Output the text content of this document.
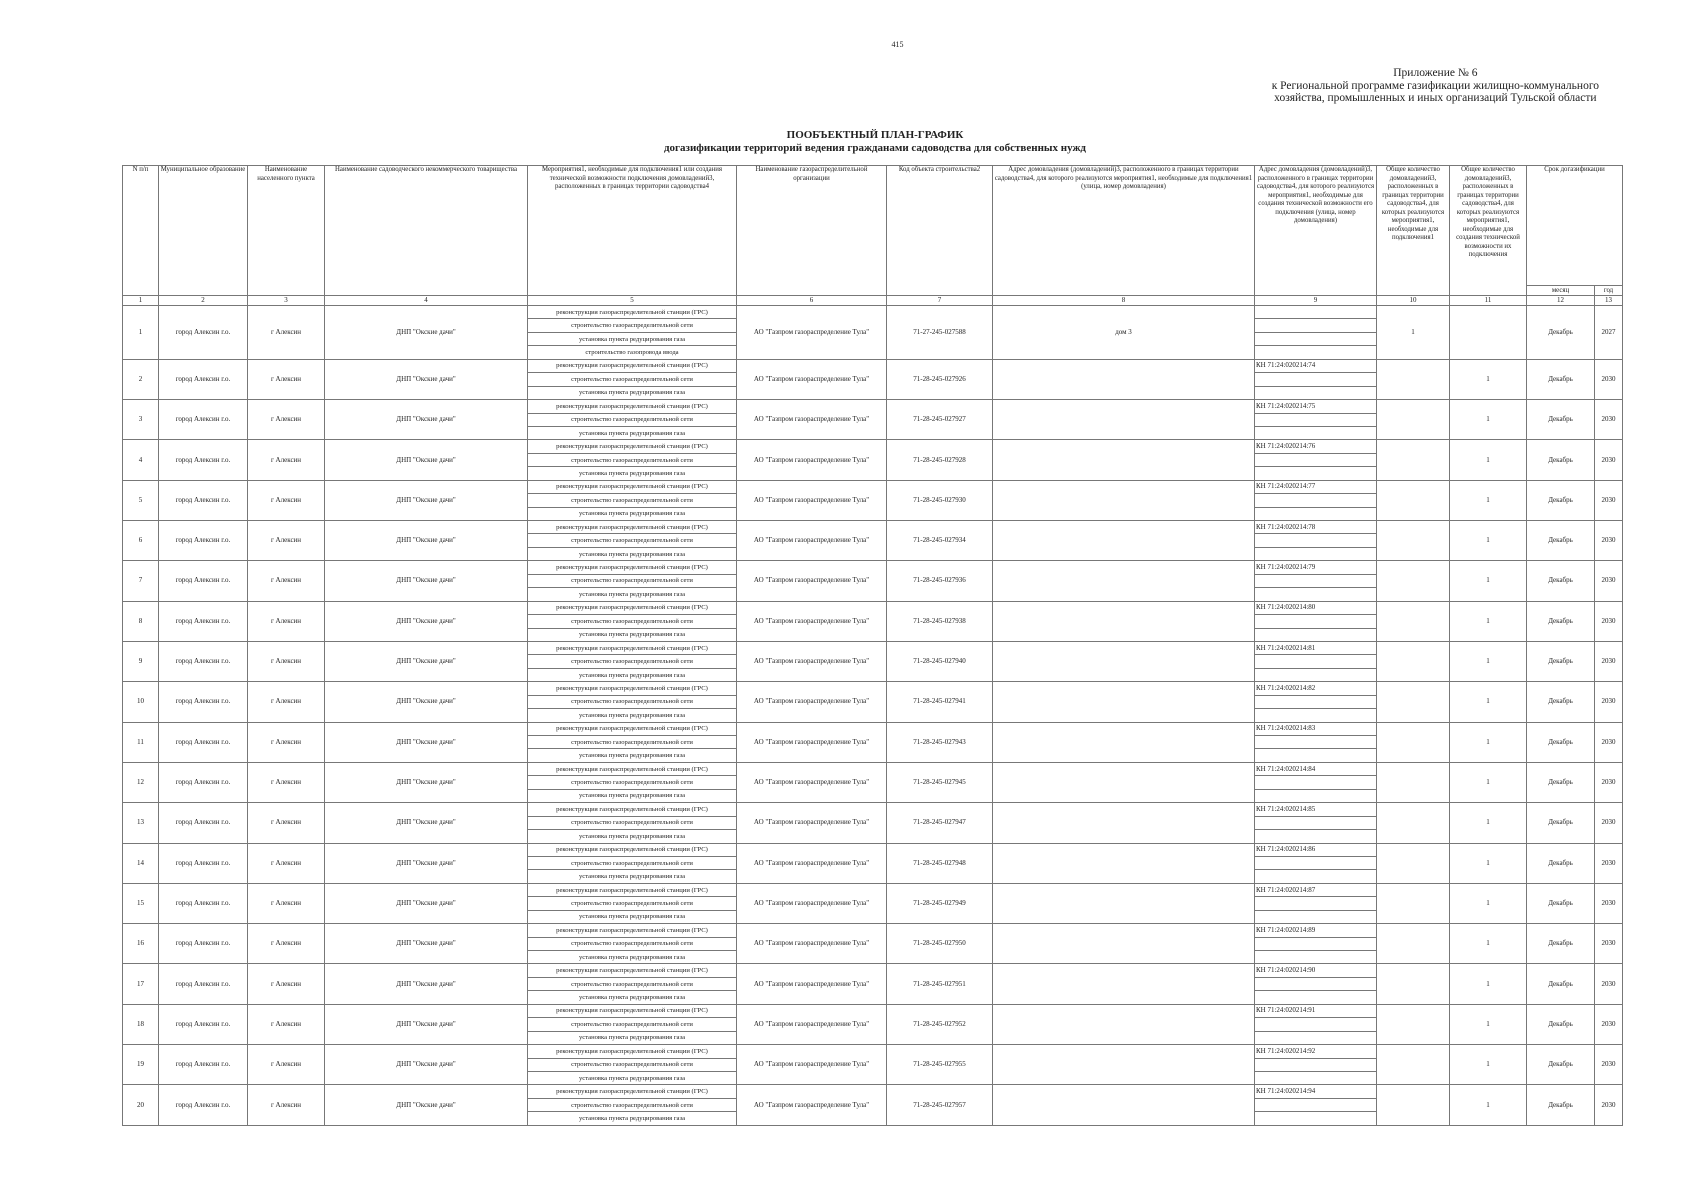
415
Приложение № 6
к Региональной программе газификации жилищно-коммунального
хозяйства, промышленных и иных организаций Тульской области
ПООБЪЕКТНЫЙ ПЛАН-ГРАФИК
догазификации территорий ведения гражданами садоводства для собственных нужд
N п/п	Муниципальное образование	Наименование населенного пункта	Наименование садоводческого некоммерческого товарищества	Мероприятия1, необходимые для подключения1 или создания технической возможности подключения домовладений3, расположенных в границах территории садоводства4	Наименование газораспределительной организации	Код объекта строительства2	Адрес домовладения (домовладений)3, расположенного в границах территории садоводства4, для которого реализуются мероприятия1, необходимые для подключения1 (улица, номер домовладения)	Адрес домовладения (домовладений)3, расположенного в границах территории садоводства4, для которого реализуются мероприятия1, необходимые для создания технической возможности его подключения (улица, номер домовладения)	Общее количество домовладений3, расположенных в границах территории садоводства4, для которых реализуются мероприятия1, необходимые для подключения1	Общее количество домовладений3, расположенных в границах территории садоводства4, для которых реализуются мероприятия1, необходимые для создания технической возможности их подключения	Срок догазификации	
											месяц	год
1	2	3	4	5	6	7	8	9	10	11	12	13
1	город Алексин г.о.	г Алексин	ДНП "Окские дачи"	реконструкция газораспределительной станции (ГРС)	АО "Газпром газораспределение Тула"	71-27-245-027588	дом 3		1		Декабрь	2027
				строительство газораспределительной сети								
				установка пункта редуцирования газа								
				строительство газопровода ввода								
2	город Алексин г.о.	г Алексин	ДНП "Окские дачи"	реконструкция газораспределительной станции (ГРС)	АО "Газпром газораспределение Тула"	71-28-245-027926		КН 71:24:020214:74		1	Декабрь	2030
				строительство газораспределительной сети								
				установка пункта редуцирования газа								
3	город Алексин г.о.	г Алексин	ДНП "Окские дачи"	реконструкция газораспределительной станции (ГРС)	АО "Газпром газораспределение Тула"	71-28-245-027927		КН 71:24:020214:75		1	Декабрь	2030
				строительство газораспределительной сети								
				установка пункта редуцирования газа								
4	город Алексин г.о.	г Алексин	ДНП "Окские дачи"	реконструкция газораспределительной станции (ГРС)	АО "Газпром газораспределение Тула"	71-28-245-027928		КН 71:24:020214:76		1	Декабрь	2030
				строительство газораспределительной сети								
				установка пункта редуцирования газа								
5	город Алексин г.о.	г Алексин	ДНП "Окские дачи"	реконструкция газораспределительной станции (ГРС)	АО "Газпром газораспределение Тула"	71-28-245-027930		КН 71:24:020214:77		1	Декабрь	2030
				строительство газораспределительной сети								
				установка пункта редуцирования газа								
6	город Алексин г.о.	г Алексин	ДНП "Окские дачи"	реконструкция газораспределительной станции (ГРС)	АО "Газпром газораспределение Тула"	71-28-245-027934		КН 71:24:020214:78		1	Декабрь	2030
				строительство газораспределительной сети								
				установка пункта редуцирования газа								
7	город Алексин г.о.	г Алексин	ДНП "Окские дачи"	реконструкция газораспределительной станции (ГРС)	АО "Газпром газораспределение Тула"	71-28-245-027936		КН 71:24:020214:79		1	Декабрь	2030
				строительство газораспределительной сети								
				установка пункта редуцирования газа								
8	город Алексин г.о.	г Алексин	ДНП "Окские дачи"	реконструкция газораспределительной станции (ГРС)	АО "Газпром газораспределение Тула"	71-28-245-027938		КН 71:24:020214:80		1	Декабрь	2030
				строительство газораспределительной сети								
				установка пункта редуцирования газа								
9	город Алексин г.о.	г Алексин	ДНП "Окские дачи"	реконструкция газораспределительной станции (ГРС)	АО "Газпром газораспределение Тула"	71-28-245-027940		КН 71:24:020214:81		1	Декабрь	2030
				строительство газораспределительной сети								
				установка пункта редуцирования газа								
10	город Алексин г.о.	г Алексин	ДНП "Окские дачи"	реконструкция газораспределительной станции (ГРС)	АО "Газпром газораспределение Тула"	71-28-245-027941		КН 71:24:020214:82		1	Декабрь	2030
				строительство газораспределительной сети								
				установка пункта редуцирования газа								
11	город Алексин г.о.	г Алексин	ДНП "Окские дачи"	реконструкция газораспределительной станции (ГРС)	АО "Газпром газораспределение Тула"	71-28-245-027943		КН 71:24:020214:83		1	Декабрь	2030
				строительство газораспределительной сети								
				установка пункта редуцирования газа								
12	город Алексин г.о.	г Алексин	ДНП "Окские дачи"	реконструкция газораспределительной станции (ГРС)	АО "Газпром газораспределение Тула"	71-28-245-027945		КН 71:24:020214:84		1	Декабрь	2030
				строительство газораспределительной сети								
				установка пункта редуцирования газа								
13	город Алексин г.о.	г Алексин	ДНП "Окские дачи"	реконструкция газораспределительной станции (ГРС)	АО "Газпром газораспределение Тула"	71-28-245-027947		КН 71:24:020214:85		1	Декабрь	2030
				строительство газораспределительной сети								
				установка пункта редуцирования газа								
14	город Алексин г.о.	г Алексин	ДНП "Окские дачи"	реконструкция газораспределительной станции (ГРС)	АО "Газпром газораспределение Тула"	71-28-245-027948		КН 71:24:020214:86		1	Декабрь	2030
				строительство газораспределительной сети								
				установка пункта редуцирования газа								
15	город Алексин г.о.	г Алексин	ДНП "Окские дачи"	реконструкция газораспределительной станции (ГРС)	АО "Газпром газораспределение Тула"	71-28-245-027949		КН 71:24:020214:87		1	Декабрь	2030
				строительство газораспределительной сети								
				установка пункта редуцирования газа								
16	город Алексин г.о.	г Алексин	ДНП "Окские дачи"	реконструкция газораспределительной станции (ГРС)	АО "Газпром газораспределение Тула"	71-28-245-027950		КН 71:24:020214:89		1	Декабрь	2030
				строительство газораспределительной сети								
				установка пункта редуцирования газа								
17	город Алексин г.о.	г Алексин	ДНП "Окские дачи"	реконструкция газораспределительной станции (ГРС)	АО "Газпром газораспределение Тула"	71-28-245-027951		КН 71:24:020214:90		1	Декабрь	2030
				строительство газораспределительной сети								
				установка пункта редуцирования газа								
18	город Алексин г.о.	г Алексин	ДНП "Окские дачи"	реконструкция газораспределительной станции (ГРС)	АО "Газпром газораспределение Тула"	71-28-245-027952		КН 71:24:020214:91		1	Декабрь	2030
				строительство газораспределительной сети								
				установка пункта редуцирования газа								
19	город Алексин г.о.	г Алексин	ДНП "Окские дачи"	реконструкция газораспределительной станции (ГРС)	АО "Газпром газораспределение Тула"	71-28-245-027955		КН 71:24:020214:92		1	Декабрь	2030
				строительство газораспределительной сети								
				установка пункта редуцирования газа								
20	город Алексин г.о.	г Алексин	ДНП "Окские дачи"	реконструкция газораспределительной станции (ГРС)	АО "Газпром газораспределение Тула"	71-28-245-027957		КН 71:24:020214:94		1	Декабрь	2030
				строительство газораспределительной сети								
				установка пункта редуцирования газа								
